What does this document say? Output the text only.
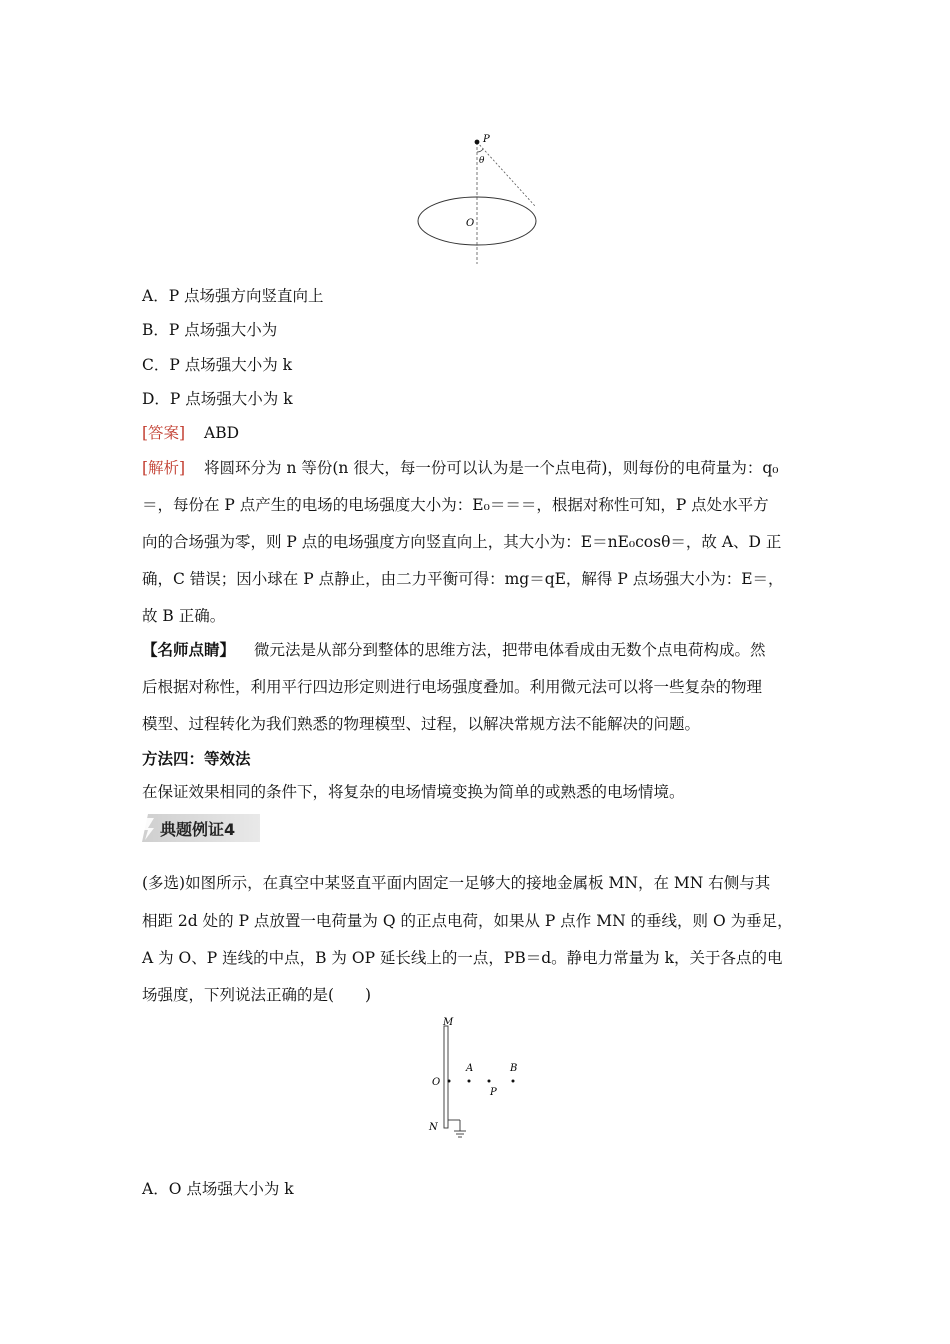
P
θ
O
A．P 点场强方向竖直向上
B．P 点场强大小为
C．P 点场强大小为 k
D．P 点场强大小为 k
[答案] ABD
[解析] 将圆环分为 n 等份(n 很大，每一份可以认为是一个点电荷)，则每份的电荷量为：q₀
＝，每份在 P 点产生的电场的电场强度大小为：E₀＝＝＝，根据对称性可知，P 点处水平方
向的合场强为零，则 P 点的电场强度方向竖直向上，其大小为：E＝nE₀cosθ＝，故 A、D 正
确，C 错误；因小球在 P 点静止，由二力平衡可得：mg＝qE，解得 P 点场强大小为：E＝，
故 B 正确。
【名师点睛】 微元法是从部分到整体的思维方法，把带电体看成由无数个点电荷构成。然
后根据对称性，利用平行四边形定则进行电场强度叠加。利用微元法可以将一些复杂的物理
模型、过程转化为我们熟悉的物理模型、过程，以解决常规方法不能解决的问题。
方法四：等效法
在保证效果相同的条件下，将复杂的电场情境变换为简单的或熟悉的电场情境。
典题例证4
(多选)如图所示，在真空中某竖直平面内固定一足够大的接地金属板 MN，在 MN 右侧与其
相距 2d 处的 P 点放置一电荷量为 Q 的正点电荷，如果从 P 点作 MN 的垂线，则 O 为垂足，
A 为 O、P 连线的中点，B 为 OP 延长线上的一点，PB＝d。静电力常量为 k，关于各点的电
场强度，下列说法正确的是(　　)
M
N
O
A
P
B
A．O 点场强大小为 k
